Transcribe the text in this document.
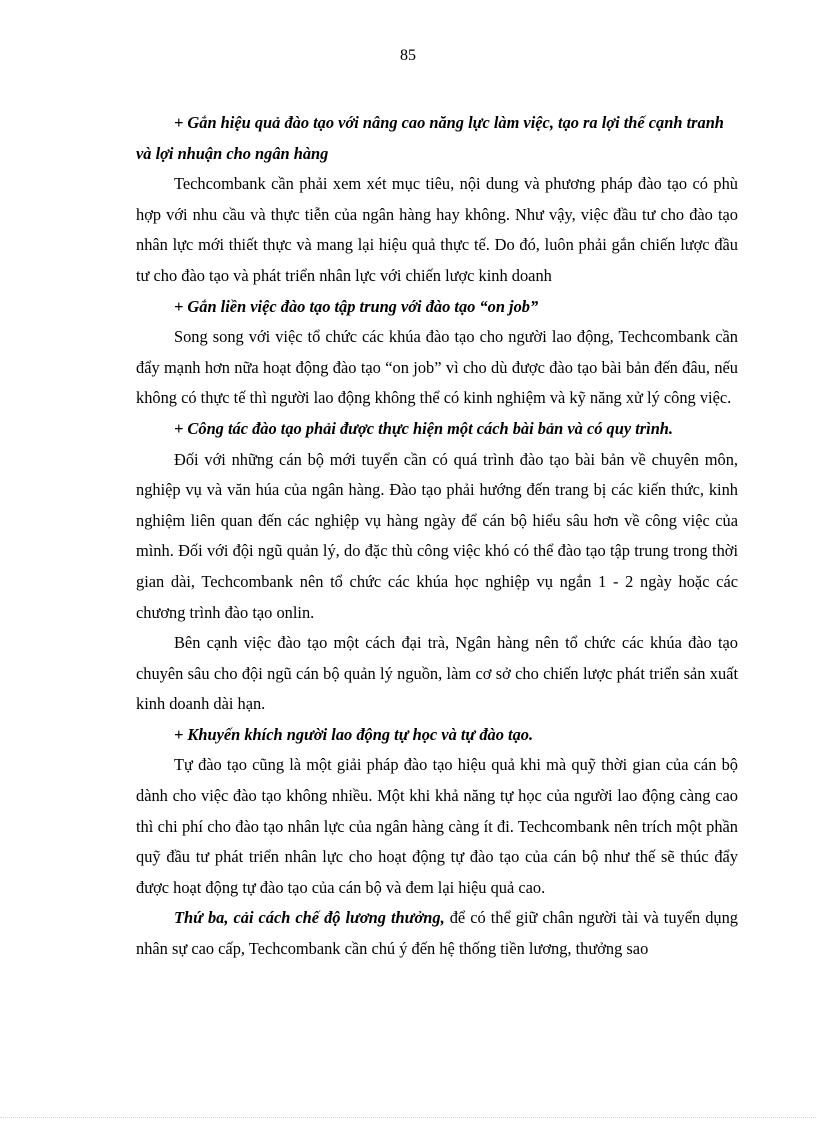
85

+ Gắn hiệu quả đào tạo với nâng cao năng lực làm việc, tạo ra lợi thế cạnh tranh và lợi nhuận cho ngân hàng

Techcombank cần phải xem xét mục tiêu, nội dung và phương pháp đào tạo có phù hợp với nhu cầu và thực tiễn của ngân hàng hay không. Như vậy, việc đầu tư cho đào tạo nhân lực mới thiết thực và mang lại hiệu quả thực tế. Do đó, luôn phải gắn chiến lược đầu tư cho đào tạo và phát triển nhân lực với chiến lược kinh doanh

+ Gắn liền việc đào tạo tập trung với đào tạo “on job”

Song song với việc tổ chức các khúa đào tạo cho người lao động, Techcombank cần đẩy mạnh hơn nữa hoạt động đào tạo “on job” vì cho dù được đào tạo bài bản đến đâu, nếu không có thực tế thì người lao động không thể có kinh nghiệm và kỹ năng xử lý công việc.

+ Công tác đào tạo phải được thực hiện một cách bài bản và có quy trình.

Đối với những cán bộ mới tuyển cần có quá trình đào tạo bài bản về chuyên môn, nghiệp vụ và văn húa của ngân hàng. Đào tạo phải hướng đến trang bị các kiến thức, kinh nghiệm liên quan đến các nghiệp vụ hàng ngày để cán bộ hiểu sâu hơn về công việc của mình. Đối với đội ngũ quản lý, do đặc thù công việc khó có thể đào tạo tập trung trong thời gian dài, Techcombank nên tổ chức các khúa học nghiệp vụ ngắn 1 - 2 ngày hoặc các chương trình đào tạo onlin.

Bên cạnh việc đào tạo một cách đại trà, Ngân hàng nên tổ chức các khúa đào tạo chuyên sâu cho đội ngũ cán bộ quản lý nguồn, làm cơ sở cho chiến lược phát triển sản xuất kinh doanh dài hạn.

+ Khuyến khích người lao động tự học và tự đào tạo.

Tự đào tạo cũng là một giải pháp đào tạo hiệu quả khi mà quỹ thời gian của cán bộ dành cho việc đào tạo không nhiều. Một khi khả năng tự học của người lao động càng cao thì chi phí cho đào tạo nhân lực của ngân hàng càng ít đi. Techcombank nên trích một phần quỹ đầu tư phát triển nhân lực cho hoạt động tự đào tạo của cán bộ như thế sẽ thúc đẩy được hoạt động tự đào tạo của cán bộ và đem lại hiệu quả cao.

Thứ ba, cải cách chế độ lương thưởng, để có thể giữ chân người tài và tuyển dụng nhân sự cao cấp, Techcombank cần chú ý đến hệ thống tiền lương, thưởng sao
